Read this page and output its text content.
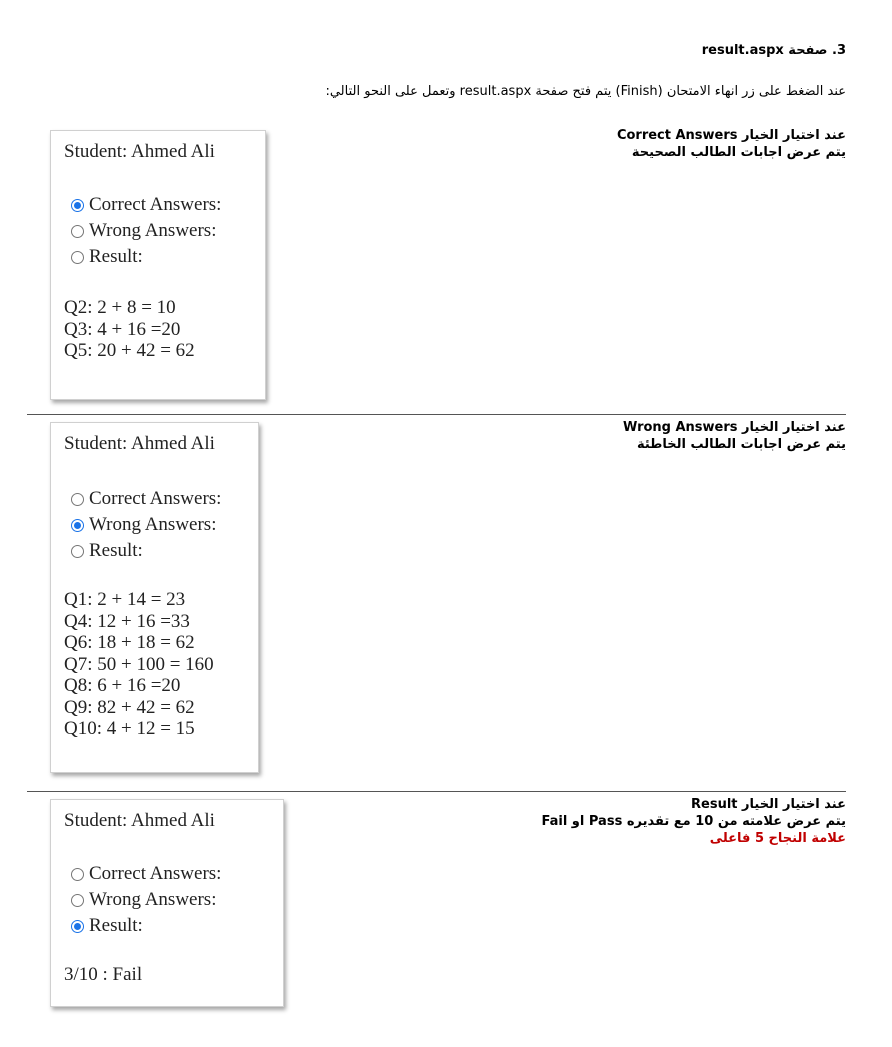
3. صفحة result.aspx
عند الضغط على زر انهاء الامتحان (Finish) يتم فتح صفحة result.aspx وتعمل على النحو التالي:
عند اختيار الخيار Correct Answers
يتم عرض اجابات الطالب الصحيحة
Student: Ahmed Ali
Correct Answers:
Wrong Answers:
Result:
Q2: 2 + 8 = 10
Q3: 4 + 16 =20
Q5: 20 + 42 = 62
عند اختيار الخيار Wrong Answers
يتم عرض اجابات الطالب الخاطئة
Student: Ahmed Ali
Correct Answers:
Wrong Answers:
Result:
Q1: 2 + 14 = 23
Q4: 12 + 16 =33
Q6: 18 + 18 = 62
Q7: 50 + 100 = 160
Q8: 6 + 16 =20
Q9: 82 + 42 = 62
Q10: 4 + 12 = 15
عند اختيار الخيار Result
يتم عرض علامته من 10 مع تقديره Pass او Fail
علامة النجاح 5 فاعلى
Student: Ahmed Ali
Correct Answers:
Wrong Answers:
Result:
3/10 : Fail
